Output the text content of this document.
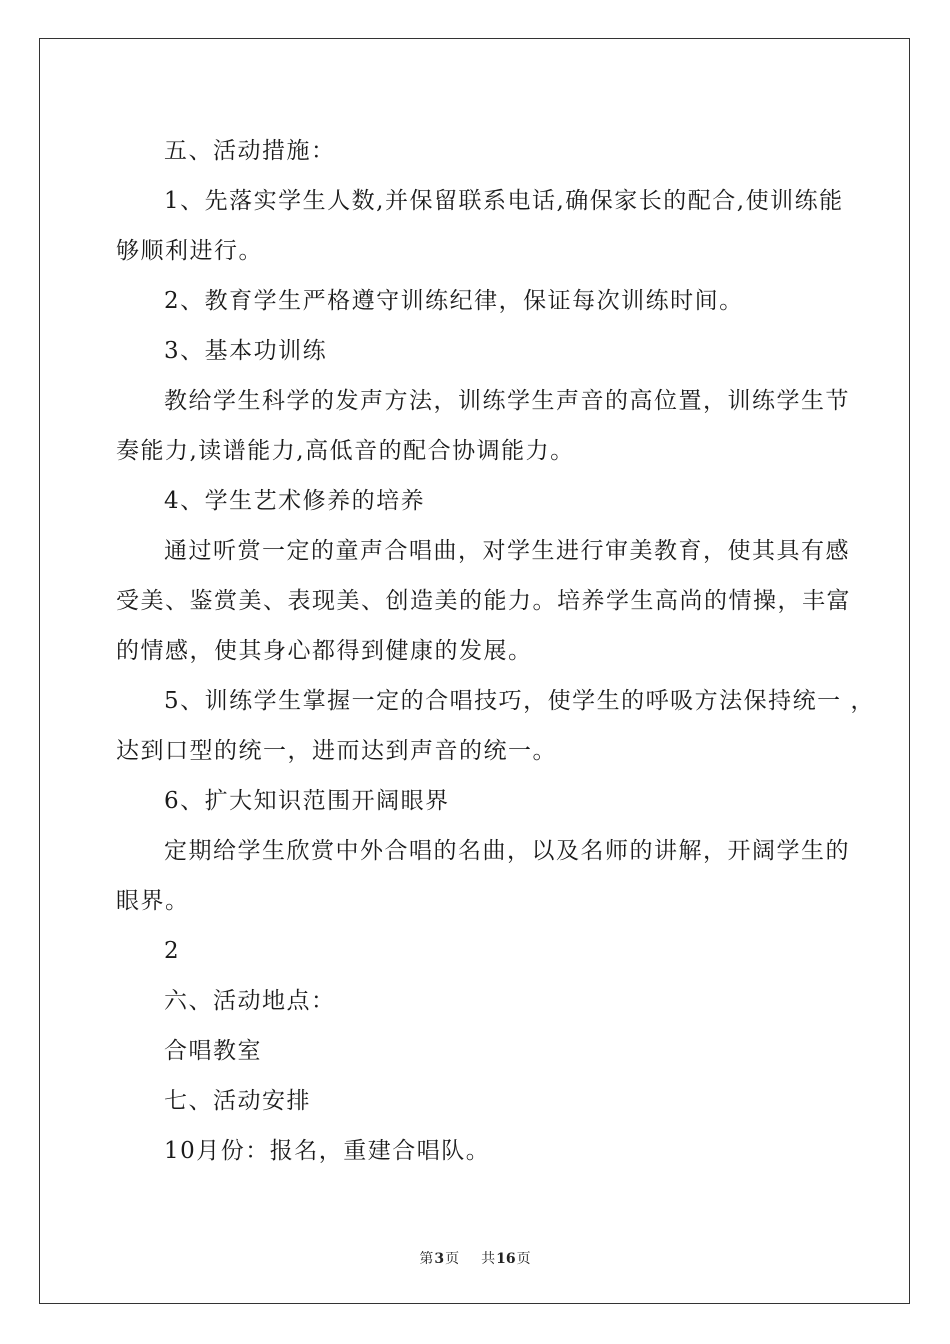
五、活动措施：

1、先落实学生人数,并保留联系电话,确保家长的配合,使训练能

够顺利进行。

2、教育学生严格遵守训练纪律，保证每次训练时间。

3、基本功训练

教给学生科学的发声方法，训练学生声音的高位置，训练学生节

奏能力,读谱能力,高低音的配合协调能力。

4、学生艺术修养的培养

通过听赏一定的童声合唱曲，对学生进行审美教育，使其具有感

受美、鉴赏美、表现美、创造美的能力。培养学生高尚的情操，丰富

的情感，使其身心都得到健康的发展。

5、训练学生掌握一定的合唱技巧，使学生的呼吸方法保持统一 ，

达到口型的统一，进而达到声音的统一。

6、扩大知识范围开阔眼界

定期给学生欣赏中外合唱的名曲，以及名师的讲解，开阔学生的

眼界。

2

六、活动地点：

合唱教室

七、活动安排

10月份：报名，重建合唱队。

第3页 共16页
